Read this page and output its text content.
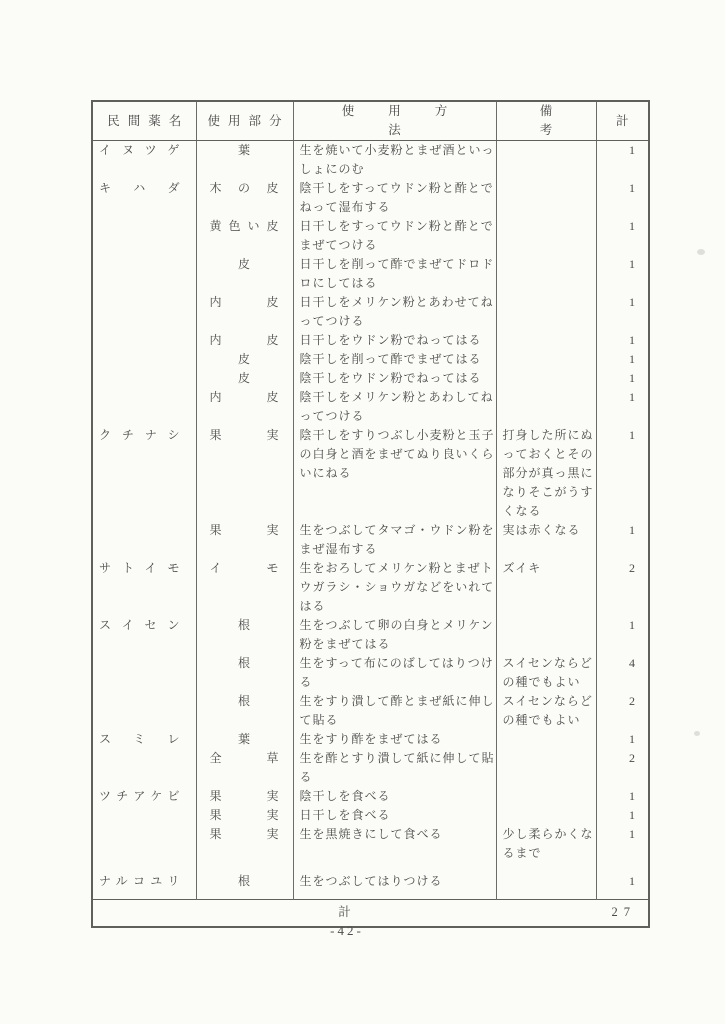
民間薬名	使用部分	使用方法	備考	計
イヌツゲ	葉	生を焼いて小麦粉とまぜ酒といっしょにのむ		1
キハダ	木の皮	陰干しをすってウドン粉と酢とでねって湿布する		1
	黄色い皮	日干しをすってウドン粉と酢とでまぜてつける		1
	皮	日干しを削って酢でまぜてドロドロにしてはる		1
	内皮	日干しをメリケン粉とあわせてねってつける		1
	内皮	日干しをウドン粉でねってはる		1
	皮	陰干しを削って酢でまぜてはる		1
	皮	陰干しをウドン粉でねってはる		1
	内皮	陰干しをメリケン粉とあわしてねってつける		1
クチナシ	果実	陰干しをすりつぶし小麦粉と玉子の白身と酒をまぜてぬり良いくらいにねる	打身した所にぬっておくとその部分が真っ黒になりそこがうすくなる	1
	果実	生をつぶしてタマゴ・ウドン粉をまぜ湿布する	実は赤くなる	1
サトイモ	イモ	生をおろしてメリケン粉とまぜトウガラシ・ショウガなどをいれてはる	ズイキ	2
スイセン	根	生をつぶして卵の白身とメリケン粉をまぜてはる		1
	根	生をすって布にのばしてはりつける	スイセンならどの種でもよい	4
	根	生をすり潰して酢とまぜ紙に伸して貼る	スイセンならどの種でもよい	2
スミレ	葉	生をすり酢をまぜてはる		1
	全草	生を酢とすり潰して紙に伸して貼る		2
ツチアケビ	果実	陰干しを食べる		1
	果実	日干しを食べる		1
	果実	生を黒焼きにして食べる	少し柔らかくなるまで	1
ナルコユリ	根	生をつぶしてはりつける		1
計				27
-42-
